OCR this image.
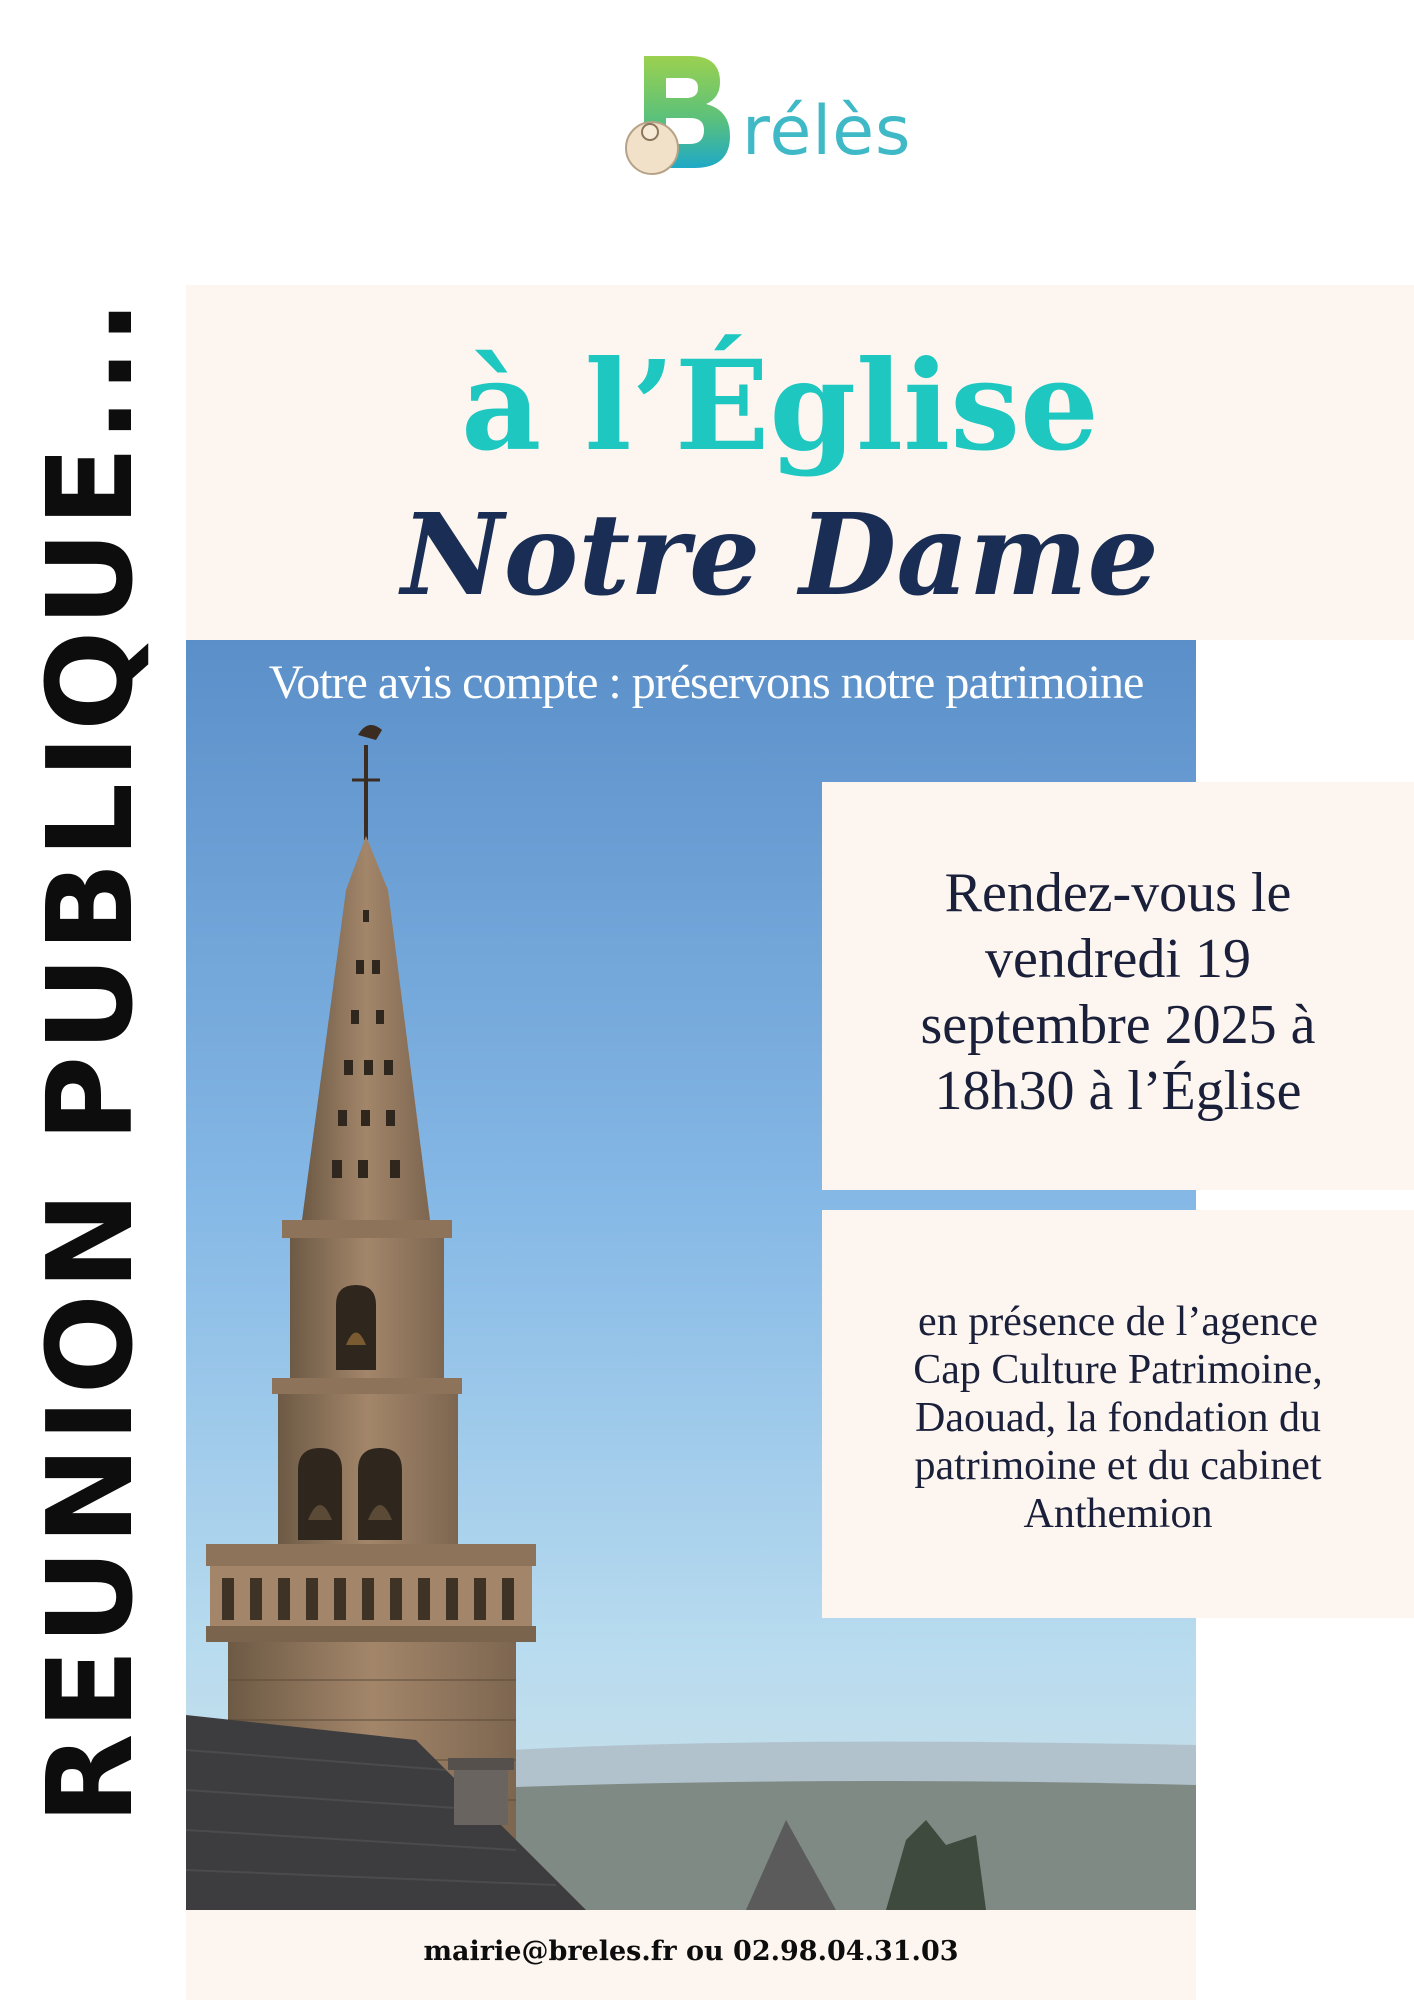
rélès
REUNION PUBLIQUE...	à l’Église
Notre Dame
Votre avis compte : préservons notre patrimoine
Rendez-vous le
vendredi 19
septembre 2025 à
18h30 à l’Église
en présence de l’agence
Cap Culture Patrimoine,
Daouad, la fondation du
patrimoine et du cabinet
Anthemion
mairie@breles.fr ou 02.98.04.31.03
